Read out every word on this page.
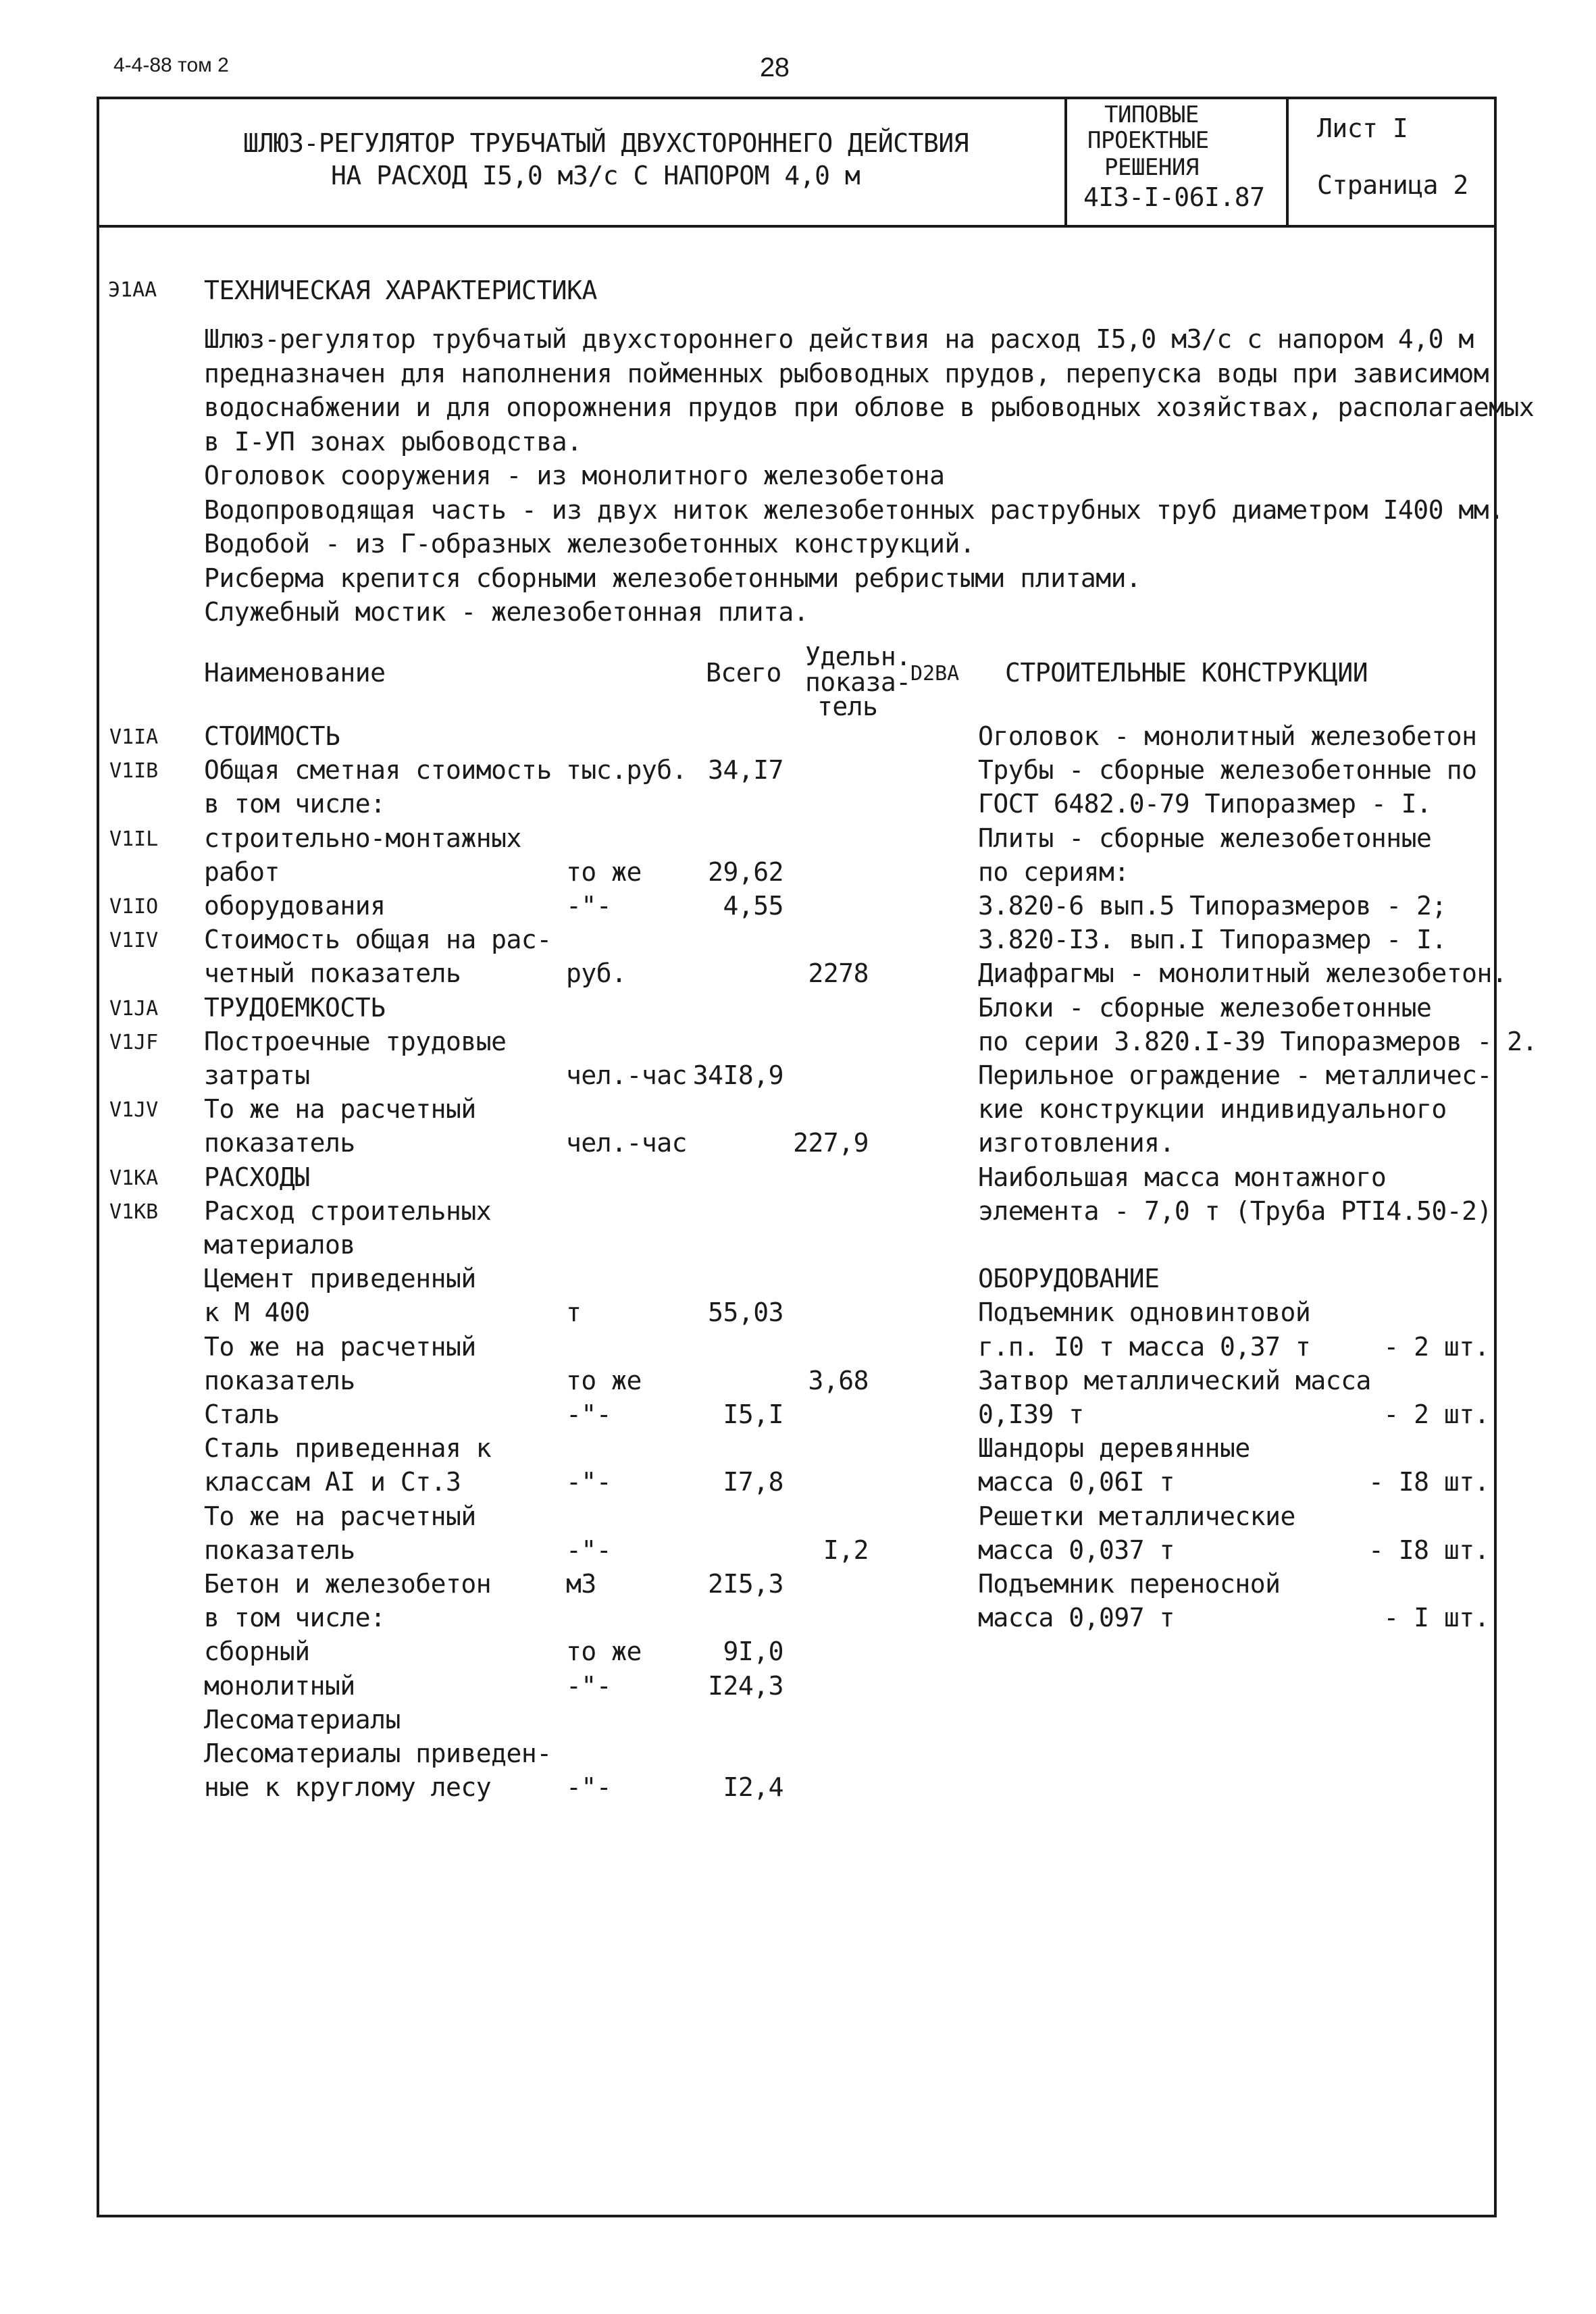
4-4-88 том 2	28
ШЛЮЗ-РЕГУЛЯТОР ТРУБЧАТЫЙ ДВУХСТОРОННЕГО ДЕЙСТВИЯ
НА РАСХОД I5,0 м3/с С НАПОРОМ 4,0 м
ТИПОВЫЕ
ПРОЕКТНЫЕ
РЕШЕНИЯ
4I3-I-06I.87
Лист I
Страница 2
Э1АА ТЕХНИЧЕСКАЯ ХАРАКТЕРИСТИКА
Шлюз-регулятор трубчатый двухстороннего действия на расход I5,0 м3/с с напором 4,0 м
предназначен для наполнения пойменных рыбоводных прудов, перепуска воды при зависимом
водоснабжении и для опорожнения прудов при облове в рыбоводных хозяйствах, располагаемых
в I-УП зонах рыбоводства.
Оголовок сооружения - из монолитного железобетона
Водопроводящая часть - из двух ниток железобетонных раструбных труб диаметром I400 мм.
Водобой - из Г-образных железобетонных конструкций.
Рисберма крепится сборными железобетонными ребристыми плитами.
Служебный мостик - железобетонная плита.
Наименование	Всего
Удельн.
показа-
тель
D2BA СТРОИТЕЛЬНЫЕ КОНСТРУКЦИИ
V1IA СТОИМОСТЬ
V1IB Общая сметная стоимость тыс.руб. 34,I7
в том числе:
V1IL строительно-монтажных
работ	то же	29,62
V1IO оборудования	-"-	4,55
V1IV Стоимость общая на рас-
четный показатель	руб.	2278
V1JA ТРУДОЕМКОСТЬ
V1JF Построечные трудовые
затраты	чел.-час 34I8,9
V1JV То же на расчетный
показатель	чел.-час	227,9
V1KA РАСХОДЫ
V1KB Расход строительных
материалов
Цемент приведенный
к М 400	т	55,03
То же на расчетный
показатель	то же	3,68
Сталь	-"-	I5,I
Сталь приведенная к
классам АI и Ст.3	-"-	I7,8
То же на расчетный
показатель	-"-	I,2
Бетон и железобетон	м3	2I5,3
в том числе:
сборный	то же	9I,0
монолитный	-"-	I24,3
Лесоматериалы
Лесоматериалы приведен-
ные к круглому лесу	-"-	I2,4
Оголовок - монолитный железобетон
Трубы - сборные железобетонные по
ГОСТ 6482.0-79 Типоразмер - I.
Плиты - сборные железобетонные
по сериям:
3.820-6 вып.5 Типоразмеров - 2;
3.820-I3. вып.I Типоразмер - I.
Диафрагмы - монолитный железобетон.
Блоки - сборные железобетонные
по серии 3.820.I-39 Типоразмеров - 2.
Перильное ограждение - металличес-
кие конструкции индивидуального
изготовления.
Наибольшая масса монтажного
элемента - 7,0 т (Труба РТI4.50-2)
ОБОРУДОВАНИЕ
Подъемник одновинтовой
г.п. I0 т масса 0,37 т	- 2 шт.
Затвор металлический масса
0,I39 т	- 2 шт.
Шандоры деревянные
масса 0,06I т	- I8 шт.
Решетки металлические
масса 0,037 т	- I8 шт.
Подъемник переносной
масса 0,097 т	- I шт.
